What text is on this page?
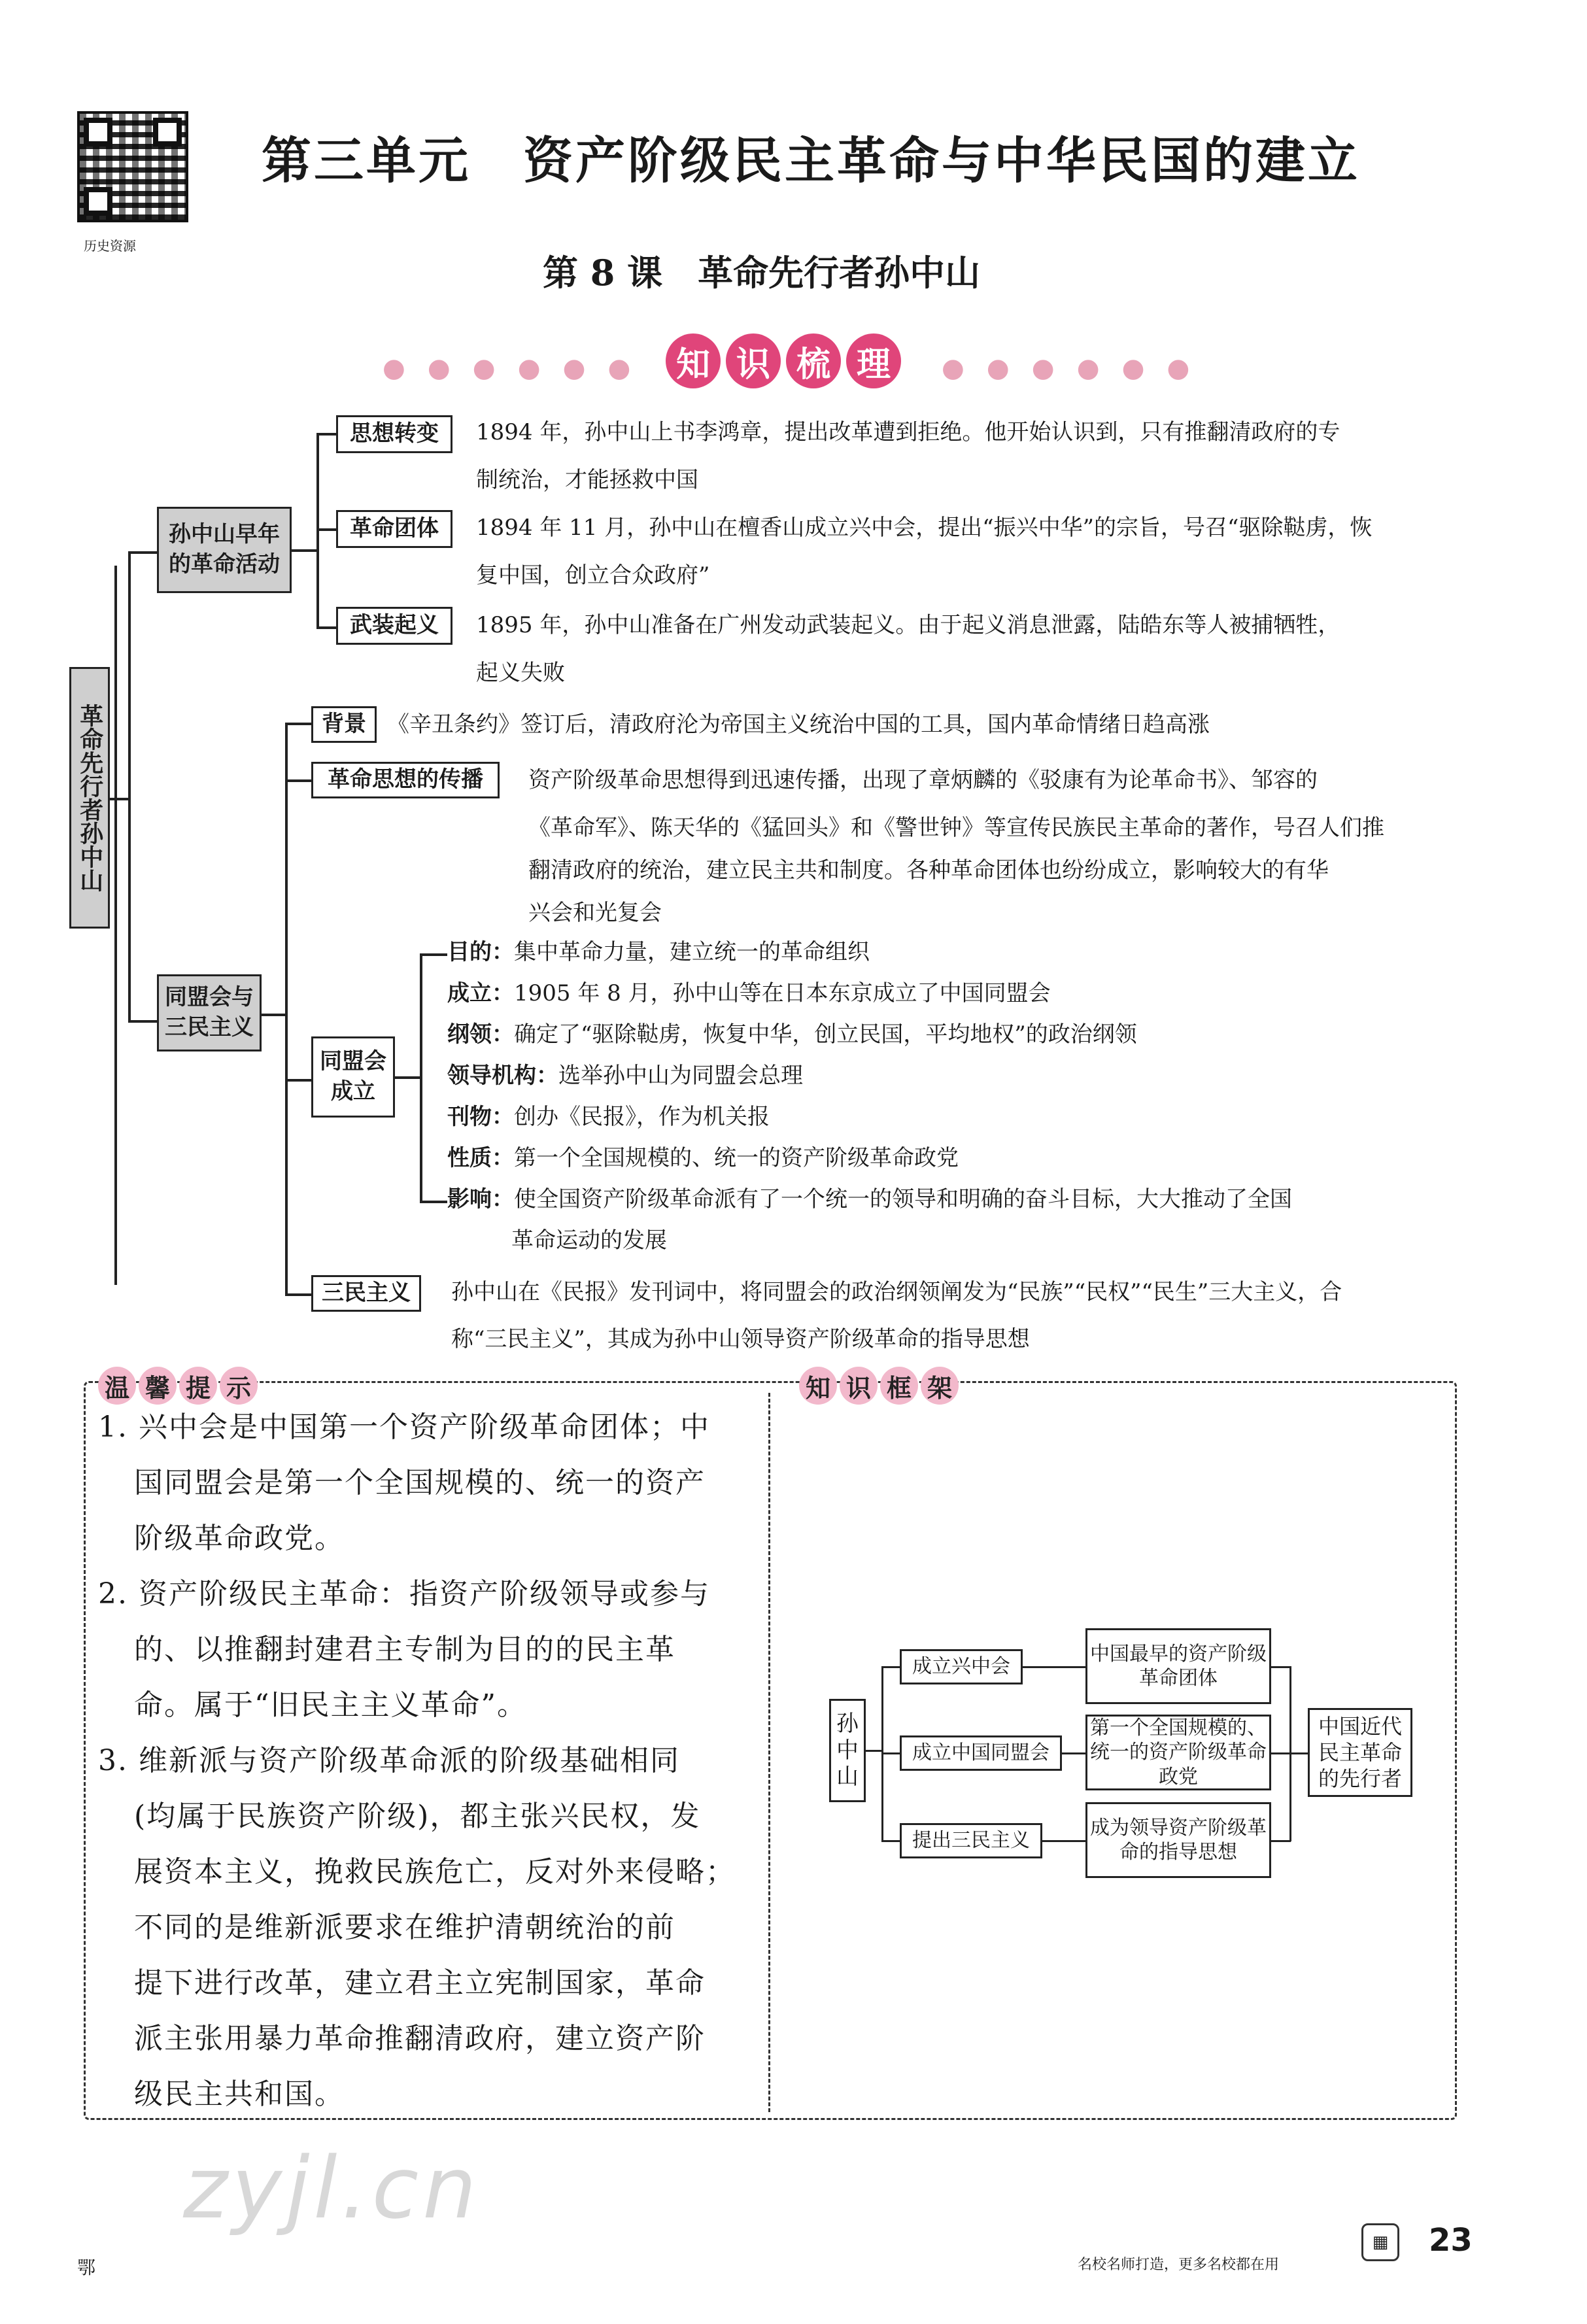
历史资源
第三单元　资产阶级民主革命与中华民国的建立
第 8 课　革命先行者孙中山
●●●●●● 知 识 梳 理	●●●●●●
革命先行者孙中山
孙中山早年的革命活动
思想转变	1894 年，孙中山上书李鸿章，提出改革遭到拒绝。他开始认识到，只有推翻清政府的专
制统治，才能拯救中国
革命团体	1894 年 11 月，孙中山在檀香山成立兴中会，提出“振兴中华”的宗旨，号召“驱除鞑虏，恢
复中国，创立合众政府”
武装起义	1895 年，孙中山准备在广州发动武装起义。由于起义消息泄露，陆皓东等人被捕牺牲，
起义失败
同盟会与三民主义
背景 《辛丑条约》签订后，清政府沦为帝国主义统治中国的工具，国内革命情绪日趋高涨
革命思想的传播	资产阶级革命思想得到迅速传播，出现了章炳麟的《驳康有为论革命书》、邹容的
《革命军》、陈天华的《猛回头》和《警世钟》等宣传民族民主革命的著作，号召人们推
翻清政府的统治，建立民主共和制度。各种革命团体也纷纷成立，影响较大的有华
兴会和光复会
同盟会成立
目的：集中革命力量，建立统一的革命组织
成立：1905 年 8 月，孙中山等在日本东京成立了中国同盟会
纲领：确定了“驱除鞑虏，恢复中华，创立民国，平均地权”的政治纲领
领导机构：选举孙中山为同盟会总理
刊物：创办《民报》，作为机关报
性质：第一个全国规模的、统一的资产阶级革命政党
影响：使全国资产阶级革命派有了一个统一的领导和明确的奋斗目标，大大推动了全国
革命运动的发展
三民主义	孙中山在《民报》发刊词中，将同盟会的政治纲领阐发为“民族”“民权”“民生”三大主义，合
称“三民主义”，其成为孙中山领导资产阶级革命的指导思想
温 馨 提 示	知 识 框 架
1. 兴中会是中国第一个资产阶级革命团体；中
国同盟会是第一个全国规模的、统一的资产
阶级革命政党。
2. 资产阶级民主革命：指资产阶级领导或参与
的、以推翻封建君主专制为目的的民主革
命。属于“旧民主主义革命”。
3. 维新派与资产阶级革命派的阶级基础相同
(均属于民族资产阶级)，都主张兴民权，发
展资本主义，挽救民族危亡，反对外来侵略；
不同的是维新派要求在维护清朝统治的前
提下进行改革，建立君主立宪制国家，革命
派主张用暴力革命推翻清政府，建立资产阶
级民主共和国。
孙中山
成立兴中会
成立中国同盟会
提出三民主义
中国最早的资产阶级革命团体
第一个全国规模的、统一的资产阶级革命政党
成为领导资产阶级革命的指导思想
中国近代民主革命的先行者
鄂
zyjl.cn
名校名师打造，更多名校都在用
▦	23
